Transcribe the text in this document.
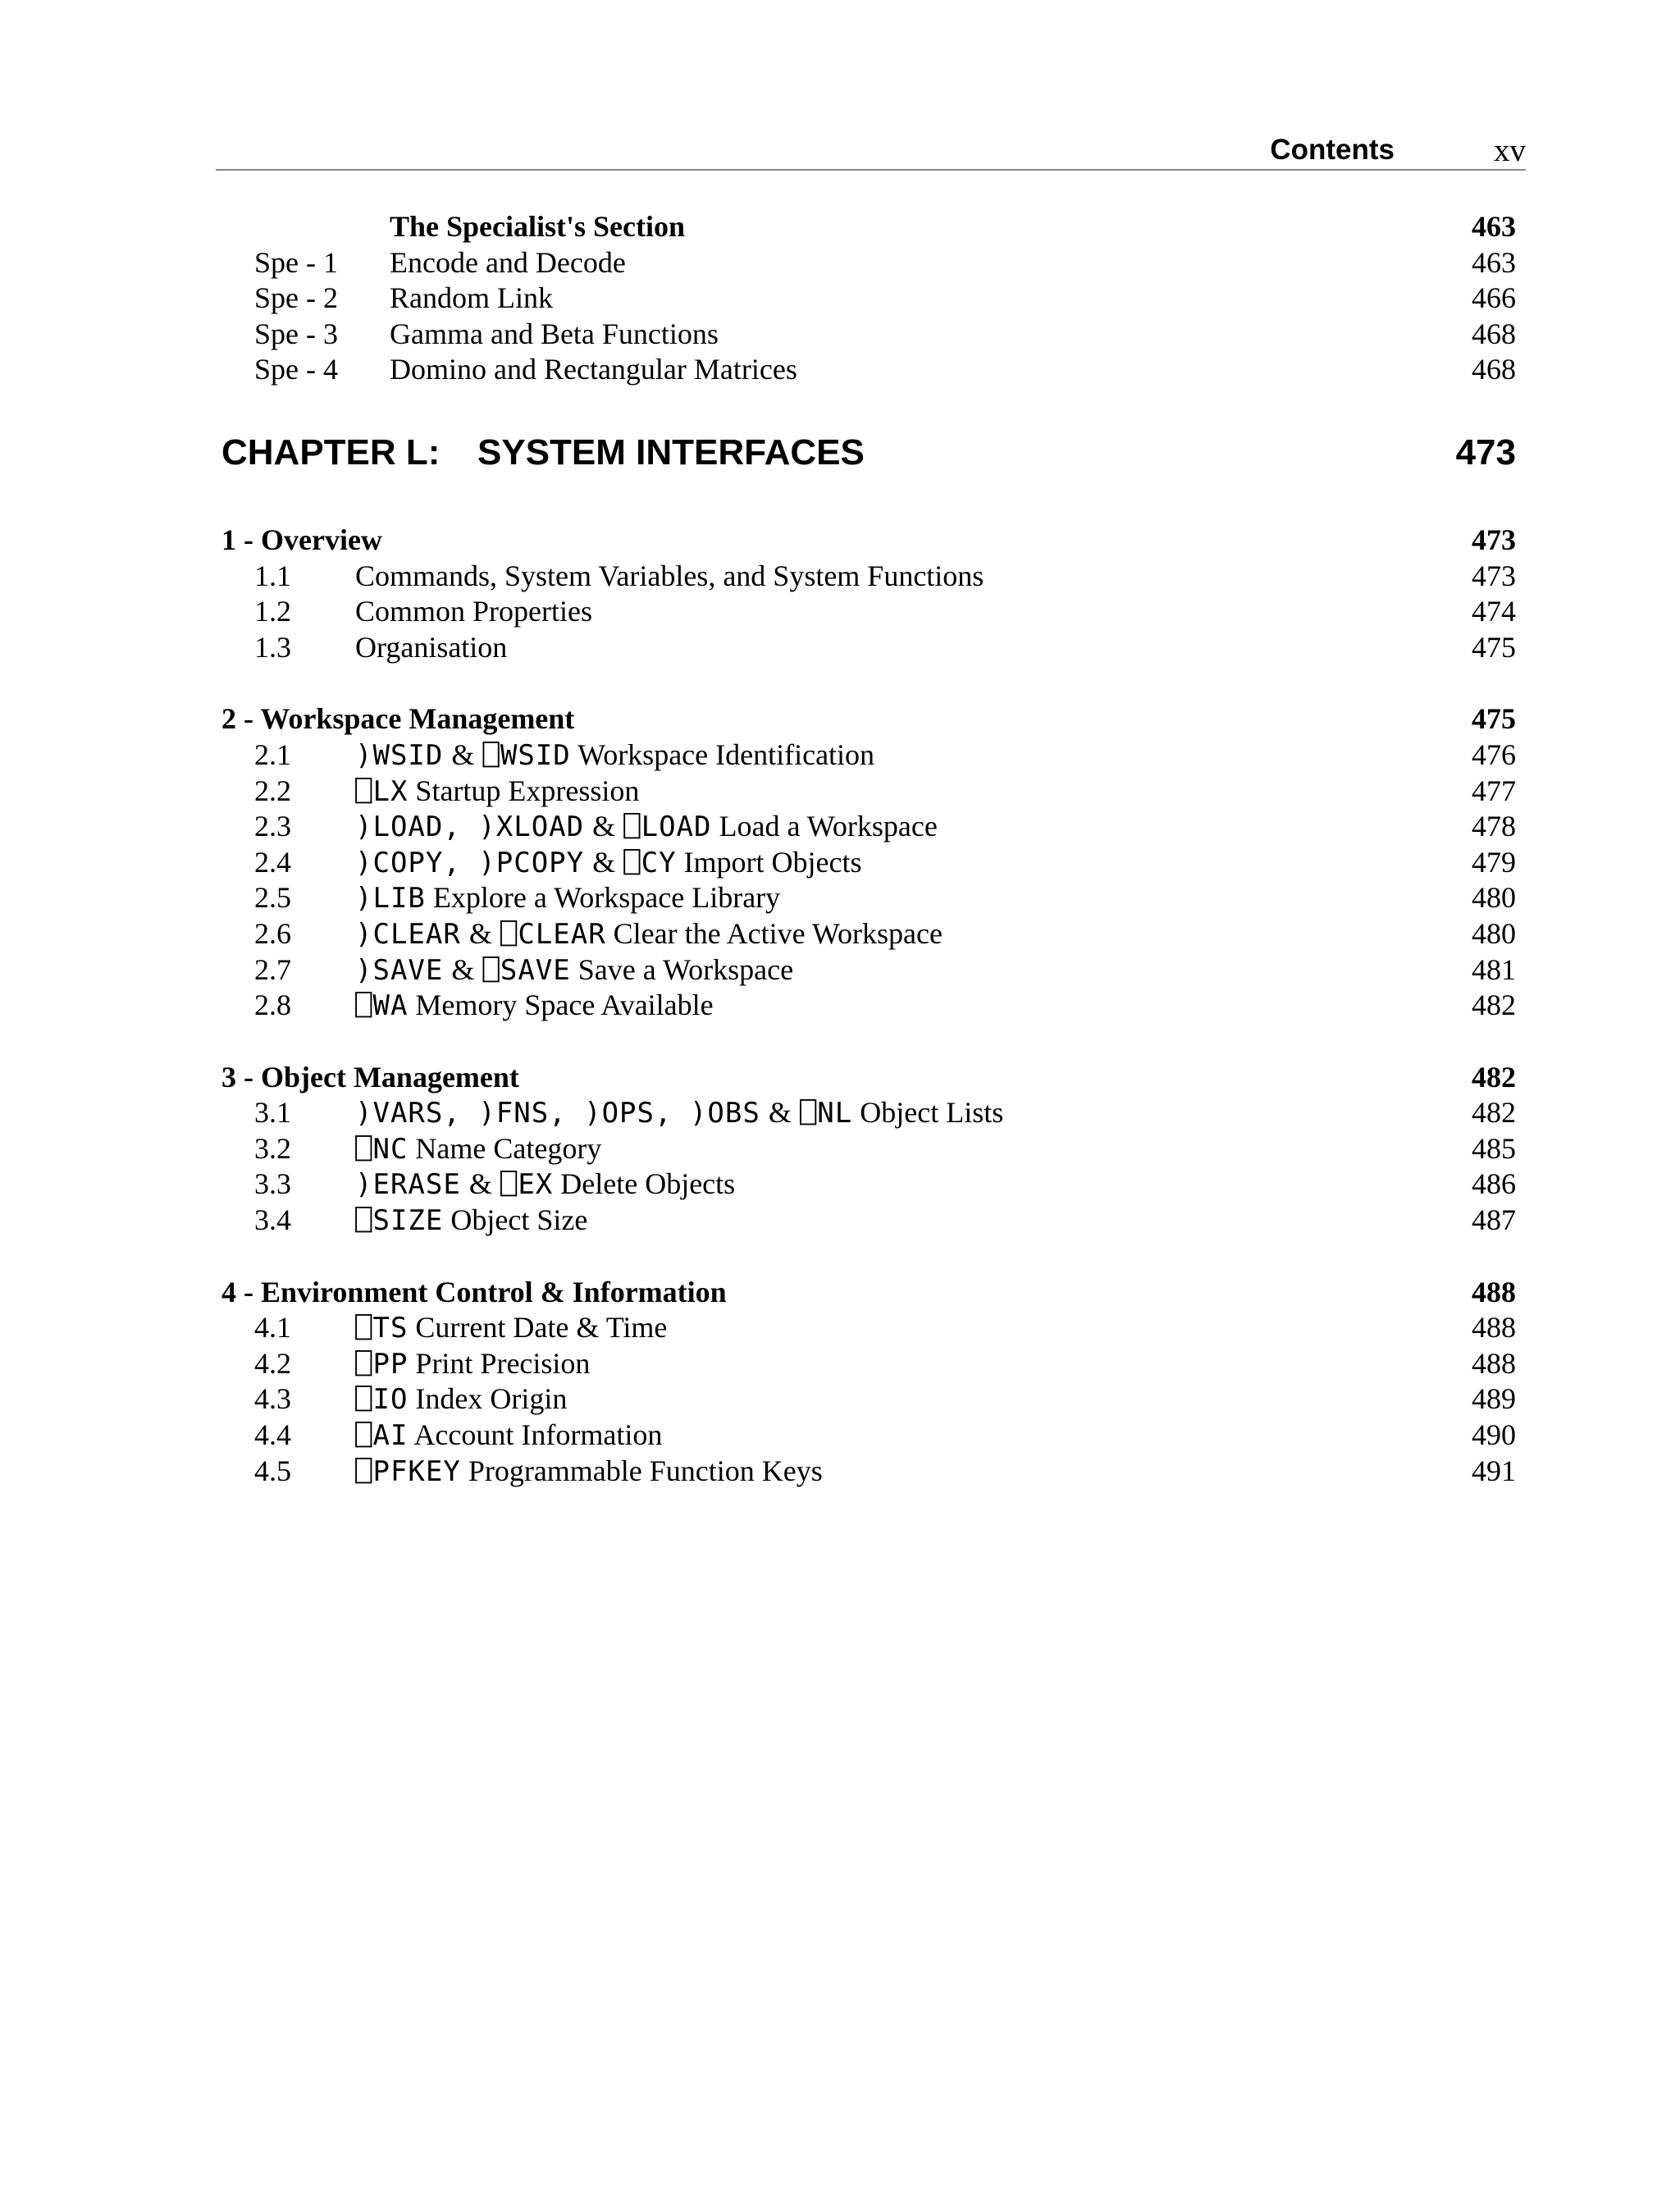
Contents	xv
The Specialist's Section	463
Spe - 1 Encode and Decode	463
Spe - 2 Random Link	466
Spe - 3 Gamma and Beta Functions	468
Spe - 4 Domino and Rectangular Matrices	468
CHAPTER L: SYSTEM INTERFACES	473
1 - Overview	473
1.1 Commands, System Variables, and System Functions	473
1.2 Common Properties	474
1.3 Organisation	475
2 - Workspace Management	475
2.1 )WSID & ⎕WSID Workspace Identification	476
2.2 ⎕LX Startup Expression	477
2.3 )LOAD, )XLOAD & ⎕LOAD Load a Workspace	478
2.4 )COPY, )PCOPY & ⎕CY Import Objects	479
2.5 )LIB Explore a Workspace Library	480
2.6 )CLEAR & ⎕CLEAR Clear the Active Workspace	480
2.7 )SAVE & ⎕SAVE Save a Workspace	481
2.8 ⎕WA Memory Space Available	482
3 - Object Management	482
3.1 )VARS, )FNS, )OPS, )OBS & ⎕NL Object Lists	482
3.2 ⎕NC Name Category	485
3.3 )ERASE & ⎕EX Delete Objects	486
3.4 ⎕SIZE Object Size	487
4 - Environment Control & Information	488
4.1 ⎕TS Current Date & Time	488
4.2 ⎕PP Print Precision	488
4.3 ⎕IO Index Origin	489
4.4 ⎕AI Account Information	490
4.5 ⎕PFKEY Programmable Function Keys	491
